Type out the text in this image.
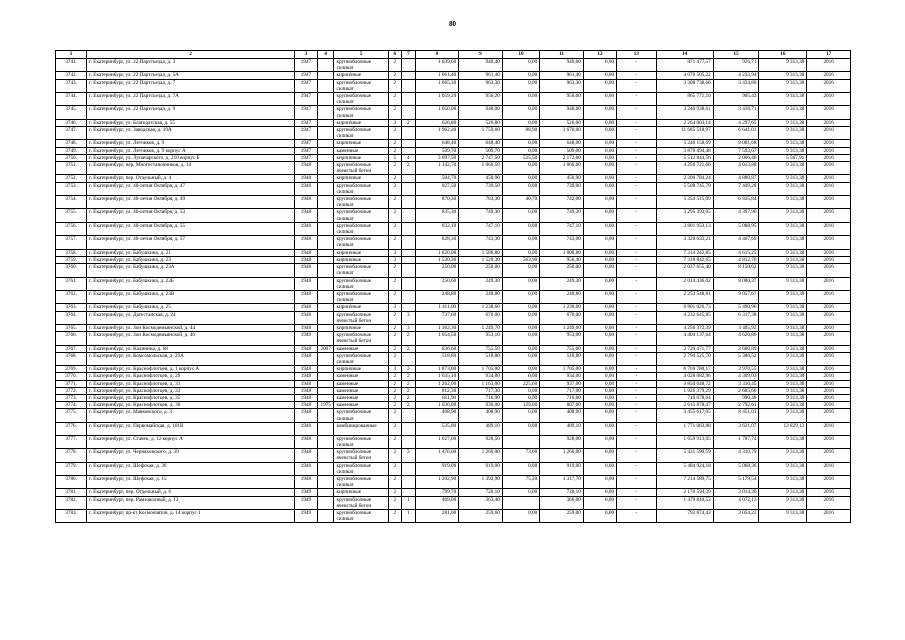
80
1	2	3	4	5	6	7	8	9	10	11	12	13	14	15	16	17
3741.	г. Екатеринбург, ул. 22 Партсъезда, д. 3	1947		крупноблочные силикат	2		1 039,60	940,40	0,00	940,00	0,00	-	871 477,57	926,71	9 313,38	2016
3742.	г. Екатеринбург, ул. 22 Партсъезда, д. 5А	1947		кирпичные	2		1 061,40	961,40	0,00	961,40	0,00	-	4 070 505,22	4 233,94	9 313,38	2016
3743.	г. Екатеринбург, ул. 22 Партсъезда, д. 7	1947		крупноблочные силикат	2		1 065,30	963,30	0,00	963,30	0,00	-	3 308 738,66	3 434,80	9 313,38	2016
3744.	г. Екатеринбург, ул. 22 Партсъезда, д. 7А	1947		крупноблочные силикат	2		1 059,20	956,20	0,00	956,00	0,00	-	865 771,10	905,43	9 313,38	2016
3745.	г. Екатеринбург, ул. 22 Партсъезда, д. 9	1947		крупноблочные силикат	2		1 050,00	948,00	0,00	948,00	0,00	-	3 240 938,61	3 418,71	9 313,38	2016
3746.	г. Екатеринбург, ул. Благодатская, д. 55	1947		кирпичные	3	2	626,80	526,80	0,00	526,00	0,00	-	2 264 003,14	4 297,65	9 313,38	2016
3747.	г. Екатеринбург, ул. Заводская, д. 19А	1947		крупноблочные силикат	2		1 962,20	1 759,60	88,90	1 670,00	0,00	-	11 685 518,97	6 641,01	9 313,38	2016
3748.	г. Екатеринбург, ул. Летчиков, д. 9	1947		кирпичные	2		648,40	648,40	0,00	648,00	0,00	-	5 240 158,69	8 081,68	9 313,38	2016
3749.	г. Екатеринбург, ул. Летчиков, д. 9 корпус А	1947		каменные	2		509,70	509,70	0,00	509,00	0,00	-	3 870 494,48	7 593,67	9 313,38	2016
3750.	г. Екатеринбург, ул. Луначарского, д. 210 корпус Б	1947		кирпичные	5	4	3 097,50	2 747,50	525,50	2 172,00	0,00	-	5 512 844,56	2 006,46	5 567,91	2016
3751.	г. Екатеринбург, пер. Многостаночников, д. 14	1948		крупноблочные ячеистый бетон	2	2	1 142,70	1 060,50	0,00	1 060,00	0,00	-	4 256 721,66	4 013,88	9 313,38	2016
3752.	г. Екатеринбург, пер. Отдельный, д. 4	1948		кирпичные	2		504,70	450,90	0,00	450,90	0,00	-	2 200 784,24	4 880,87	9 313,38	2016
3753.	г. Екатеринбург, ул. 40-летия Октября, д. 47	1948		крупноблочные силикат	2		827,50	739,50	0,00	739,00	0,00	-	5 508 745,70	7 449,28	9 313,38	2016
3754.	г. Екатеринбург, ул. 40-летия Октября, д. 49	1948		крупноблочные силикат	2		870,30	783,30	40,70	742,00	0,00	-	5 354 515,09	6 835,84	9 313,38	2016
3755.	г. Екатеринбург, ул. 40-летия Октября, д. 53	1948		крупноблочные силикат	2		835,30	749,30	0,00	749,30	0,00	-	3 295 393,05	4 397,96	9 313,38	2016
3756.	г. Екатеринбург, ул. 40-летия Октября, д. 55	1948		крупноблочные силикат	2		832,10	747,10	0,00	747,10	0,00	-	3 801 953,13	5 088,95	9 313,38	2016
3757.	г. Екатеринбург, ул. 40-летия Октября, д. 57	1948		крупноблочные силикат	2		828,30	743,30	0,00	743,00	0,00	-	3 320 633,21	4 467,69	9 313,38	2016
3758.	г. Екатеринбург, ул. Бабушкина, д. 21	1948		кирпичные	3		1 820,00	1 586,80	0,00	1 008,80	0,00	-	7 314 242,85	4 615,25	9 313,38	2016
3759.	г. Екатеринбург, ул. Бабушкина, д. 23	1948		кирпичные	3		1 520,30	1 520,30	563,90	956,40	0,00	-	7 318 842,65	4 812,76	9 313,38	2016
3760.	г. Екатеринбург, ул. Бабушкина, д. 23А	1948		крупноблочные силикат	2		250,00	250,00	0,00	250,00	0,00	-	2 037 655,40	8 150,62	9 313,38	2016
3761.	г. Екатеринбург, ул. Бабушкина, д. 23Б	1948		крупноблочные силикат	2		250,60	249,30	0,00	249,30	0,00	-	2 014 436,02	8 080,37	9 313,38	2016
3762.	г. Екатеринбург, ул. Бабушкина, д. 23В	1948		крупноблочные силикат	2		248,80	248,80	0,00	248,80	0,00	-	2 253 548,81	9 057,67	9 313,38	2016
3763.	г. Екатеринбург, ул. Бабушкина, д. 25	1948		кирпичные	3		1 411,00	1 238,60	0,00	1 238,60	0,00	-	6 801 026,73	5 490,96	9 313,38	2016
3764.	г. Екатеринбург, ул. Дагестанская, д. 24	1948		крупноблочные ячеистый бетон	2	3	737,60	670,00	0,00	670,00	0,00	-	4 232 645,85	6 317,38	9 313,38	2016
3765.	г. Екатеринбург, ул. Зои Космодемьянской, д. 44	1948		кирпичные	2	3	1 362,30	1 249,70	0,00	1 249,00	0,00	-	4 256 372,39	3 405,92	9 313,38	2016
3766.	г. Екатеринбург, ул. Зои Космодемьянской, д. 46	1949		крупноблочные ячеистый бетон	2	2	1 054,50	953,10	0,00	953,00	0,00	-	4 404 137,64	4 620,86	9 313,38	2016
3767.	г. Екатеринбург, ул. Калинина, д. 68	1948	2007	каменные	2	2	836,60	755,50	0,00	755,00	0,00	-	2 720 471,77	3 600,89	9 313,38	2016
3768.	г. Екатеринбург, ул. Комсомольская, д. 29А	1948		крупноблочные силикат	2		518,80	518,80	0,00	518,80	0,00	-	2 794 525,70	5 386,52	9 313,38	2016
3769.	г. Екатеринбург, ул. Краснофлотцев, д. 1 корпус А	1948		кирпичные	3	3	1 873,00	1 705,00	0,00	1 705,00	0,00	-	6 769 780,17	3 970,55	9 313,38	2016
3770.	г. Екатеринбург, ул. Краснофлотцев, д. 29	1948		каменные	2	2	1 035,10	934,80	0,00	934,00	0,00	-	4 028 082,96	4 309,03	9 313,38	2016
3771.	г. Екатеринбург, ул. Краснофлотцев, д. 31	1948		каменные	2	2	1 262,00	1 163,00	225,60	937,00	0,00	-	3 850 048,72	3 310,45	9 313,38	2016
3772.	г. Екатеринбург, ул. Краснофлотцев, д. 33	1948		каменные	2	2	812,30	717,30	0,00	717,00	0,00	-	1 926 379,29	2 685,60	9 313,38	2016
3773.	г. Екатеринбург, ул. Краснофлотцев, д. 35	1948		каменные	2	2	811,90	716,90	0,00	716,00	0,00	-	710 078,64	990,48	9 313,38	2016
3774.	г. Екатеринбург, ул. Краснофлотцев, д. 36	1948	1975	каменные	2	2	1 036,00	936,00	129,00	807,00	0,00	-	2 613 878,47	2 792,61	9 313,38	2016
3775.	г. Екатеринбург, ул. Маяковского, д. 3	1948		крупноблочные силикат	2		408,90	408,90	0,00	408,90	0,00	-	3 455 617,05	8 451,01	9 313,38	2016
3776.	г. Екатеринбург, ул. Первомайская, д. 101В	1948		комбинированные	2		535,80	489,10	0,00	489,10	0,00	-	1 771 063,88	3 621,07	12 829,13	2016
3777.	г. Екатеринбург, ул. Стачек, д. 12 корпус А	1948		крупноблочные силикат	2		1 027,00	928,50		928,00	0,00	-	1 659 913,05	1 787,74	9 313,38	2016
3778.	г. Екатеринбург, ул. Черняховского, д. 39	1948		крупноблочные ячеистый бетон	2	3	1 476,00	1 260,00	73,00	1 260,00	0,00	-	5 431 590,59	4 310,79	9 313,38	2016
3779.	г. Екатеринбург, ул. Шефская, д. 30	1948		крупноблочные силикат	2		919,00	919,00	0,00	919,00	0,00	-	5 484 924,18	5 968,36	9 313,38	2016
3780.	г. Екатеринбург, ул. Шефская, д. 15	1948		крупноблочные силикат	2		1 392,90	1 392,90	75,20	1 317,70	0,00	-	7 214 589,75	5 179,54	9 313,38	2016
3781.	г. Екатеринбург, пер. Отдельный, д. 6	1949		кирпичные	2		799,70	720,10	0,00	720,10	0,00	-	2 170 594,39	3 014,30	9 313,38	2016
3782.	г. Екатеринбург, пер. Рамзоволный, д. 12	1949		крупноблочные ячеистый бетон	2	1	409,00	363,40		366,00	0,00	-	1 479 810,52	4 072,13	9 313,38	2016
3783.	г. Екатеринбург, пр-кт Космонавтов, д. 14 корпус 1	1949		крупноблочные силикат	2	1	281,00	259,60	0,00	259,00	0,00	-	792 874,43	3 054,22	9 313,38	2016
